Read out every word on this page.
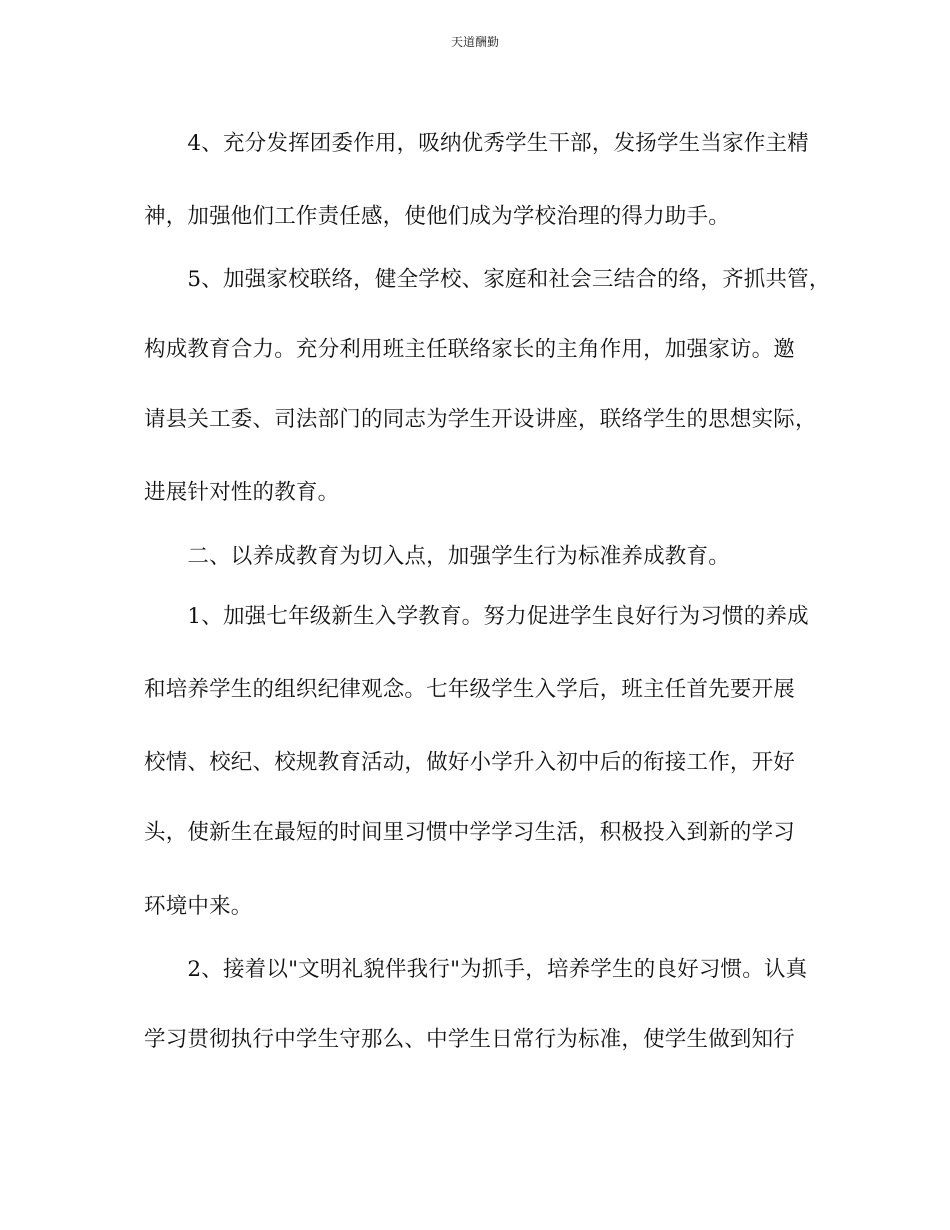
天道酬勤
　　4、充分发挥团委作用，吸纳优秀学生干部，发扬学生当家作主精
神，加强他们工作责任感，使他们成为学校治理的得力助手。
　　5、加强家校联络，健全学校、家庭和社会三结合的络，齐抓共管，
构成教育合力。充分利用班主任联络家长的主角作用，加强家访。邀
请县关工委、司法部门的同志为学生开设讲座，联络学生的思想实际，
进展针对性的教育。
　　二、以养成教育为切入点，加强学生行为标准养成教育。
　　1、加强七年级新生入学教育。努力促进学生良好行为习惯的养成
和培养学生的组织纪律观念。七年级学生入学后，班主任首先要开展
校情、校纪、校规教育活动，做好小学升入初中后的衔接工作，开好
头，使新生在最短的时间里习惯中学学习生活，积极投入到新的学习
环境中来。
　　2、接着以"文明礼貌伴我行"为抓手，培养学生的良好习惯。认真
学习贯彻执行中学生守那么、中学生日常行为标准，使学生做到知行
